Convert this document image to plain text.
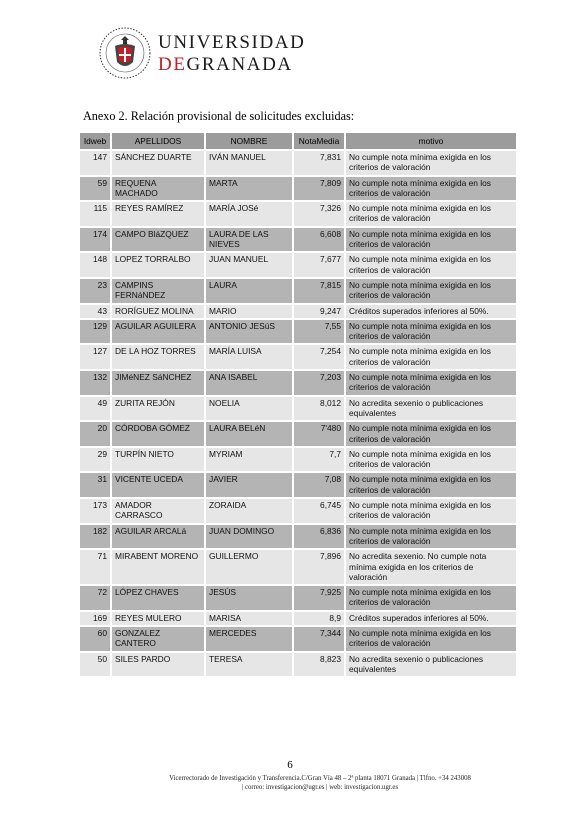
UNIVERSIDAD
DEGRANADA
Anexo 2. Relación provisional de solicitudes excluidas:
Idweb	APELLIDOS	NOMBRE	NotaMedia	motivo
147	SÁNCHEZ DUARTE	IVÁN MANUEL	7,831	No cumple nota mínima exigida en los criterios de valoración
59	REQUENA MACHADO	MARTA	7,809	No cumple nota mínima exigida en los criterios de valoración
115	REYES RAMÍREZ	MARÍA JOSé	7,326	No cumple nota mínima exigida en los criterios de valoración
174	CAMPO BláZQUEZ	LAURA DE LAS NIEVES	6,608	No cumple nota mínima exigida en los criterios de valoración
148	LOPEZ TORRALBO	JUAN MANUEL	7,677	No cumple nota mínima exigida en los criterios de valoración
23	CAMPINS FERNáNDEZ	LAURA	7,815	No cumple nota mínima exigida en los criterios de valoración
43	RORÍGUEZ MOLINA	MARIO	9,247	Créditos superados inferiores al 50%.
129	AGUILAR AGUILERA	ANTONIO JESúS	7,55	No cumple nota mínima exigida en los criterios de valoración
127	DE LA HOZ TORRES	MARÍA LUISA	7,254	No cumple nota mínima exigida en los criterios de valoración
132	JIMéNEZ SáNCHEZ	ANA ISABEL	7,203	No cumple nota mínima exigida en los criterios de valoración
49	ZURITA REJÓN	NOELIA	8,012	No acredita sexenio o publicaciones equivalentes
20	CÓRDOBA GÓMEZ	LAURA BELéN	7'480	No cumple nota mínima exigida en los criterios de valoración
29	TURPÍN NIETO	MYRIAM	7,7	No cumple nota mínima exigida en los criterios de valoración
31	VICENTE UCEDA	JAVIER	7,08	No cumple nota mínima exigida en los criterios de valoración
173	AMADOR CARRASCO	ZORAIDA	6,745	No cumple nota mínima exigida en los criterios de valoración
182	AGUILAR ARCALá	JUAN DOMINGO	6,836	No cumple nota mínima exigida en los criterios de valoración
71	MIRABENT MORENO	GUILLERMO	7,896	No acredita sexenio. No cumple nota mínima exigida en los criterios de valoración
72	LÓPEZ CHAVES	JESÚS	7,925	No cumple nota mínima exigida en los criterios de valoración
169	REYES MULERO	MARISA	8,9	Créditos superados inferiores al 50%.
60	GONZALEZ CANTERO	MERCEDES	7,344	No cumple nota mínima exigida en los criterios de valoración
50	SILES PARDO	TERESA	8,823	No acredita sexenio o publicaciones equivalentes
6
Vicerrectorado de Investigación y Transferencia.C/Gran Vía 48 – 2ª planta 18071 Granada | Tlfno. +34 243008
| correo: investigacion@ugr.es | web: investigacion.ugr.es
